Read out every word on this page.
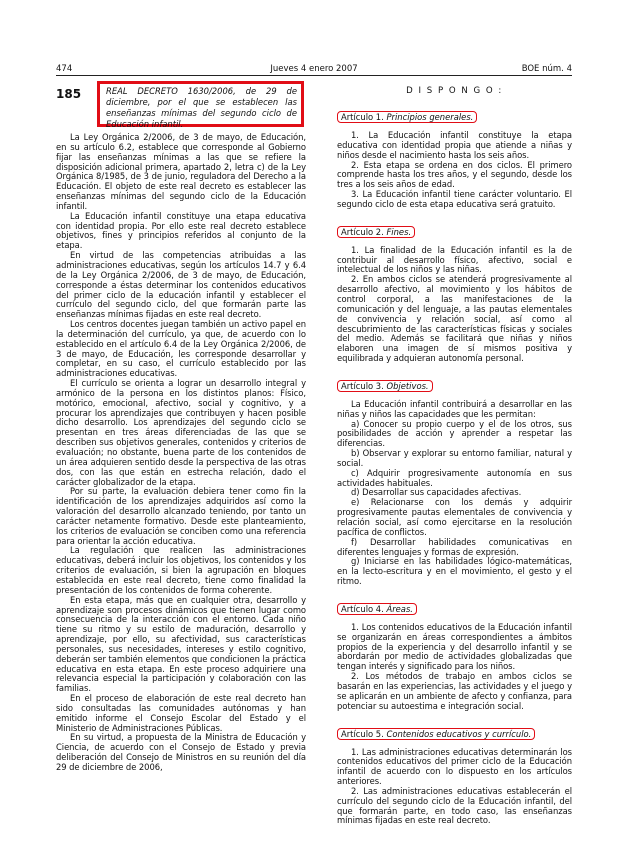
474	Jueves 4 enero 2007	BOE núm. 4
185	REAL DECRETO 1630/2006, de 29 de diciembre, por el que se establecen las enseñanzas mínimas del segundo ciclo de Educación infantil.

La Ley Orgánica 2/2006, de 3 de mayo, de Educación, en su artículo 6.2, establece que corresponde al Gobierno fijar las enseñanzas mínimas a las que se refiere la disposición adicional primera, apartado 2, letra c) de la Ley Orgánica 8/1985, de 3 de junio, reguladora del Derecho a la Educación. El objeto de este real decreto es establecer las enseñanzas mínimas del segundo ciclo de la Educación infantil.

La Educación infantil constituye una etapa educativa con identidad propia. Por ello este real decreto establece objetivos, fines y principios referidos al conjunto de la etapa.

En virtud de las competencias atribuidas a las administraciones educativas, según los artículos 14.7 y 6.4 de la Ley Orgánica 2/2006, de 3 de mayo, de Educación, corresponde a éstas determinar los contenidos educativos del primer ciclo de la educación infantil y establecer el currículo del segundo ciclo, del que formarán parte las enseñanzas mínimas fijadas en este real decreto.

Los centros docentes juegan también un activo papel en la determinación del currículo, ya que, de acuerdo con lo establecido en el artículo 6.4 de la Ley Orgánica 2/2006, de 3 de mayo, de Educación, les corresponde desarrollar y completar, en su caso, el currículo establecido por las administraciones educativas.

El currículo se orienta a lograr un desarrollo integral y armónico de la persona en los distintos planos: Físico, motórico, emocional, afectivo, social y cognitivo, y a procurar los aprendizajes que contribuyen y hacen posible dicho desarrollo. Los aprendizajes del segundo ciclo se presentan en tres áreas diferenciadas de las que se describen sus objetivos generales, contenidos y criterios de evaluación; no obstante, buena parte de los contenidos de un área adquieren sentido desde la perspectiva de las otras dos, con las que están en estrecha relación, dado el carácter globalizador de la etapa.

Por su parte, la evaluación debiera tener como fin la identificación de los aprendizajes adquiridos así como la valoración del desarrollo alcanzado teniendo, por tanto un carácter netamente formativo. Desde este planteamiento, los criterios de evaluación se conciben como una referencia para orientar la acción educativa.

La regulación que realicen las administraciones educativas, deberá incluir los objetivos, los contenidos y los criterios de evaluación, si bien la agrupación en bloques establecida en este real decreto, tiene como finalidad la presentación de los contenidos de forma coherente.

En esta etapa, más que en cualquier otra, desarrollo y aprendizaje son procesos dinámicos que tienen lugar como consecuencia de la interacción con el entorno. Cada niño tiene su ritmo y su estilo de maduración, desarrollo y aprendizaje, por ello, su afectividad, sus características personales, sus necesidades, intereses y estilo cognitivo, deberán ser también elementos que condicionen la práctica educativa en esta etapa. En este proceso adquiriere una relevancia especial la participación y colaboración con las familias.

En el proceso de elaboración de este real decreto han sido consultadas las comunidades autónomas y han emitido informe el Consejo Escolar del Estado y el Ministerio de Administraciones Públicas.

En su virtud, a propuesta de la Ministra de Educación y Ciencia, de acuerdo con el Consejo de Estado y previa deliberación del Consejo de Ministros en su reunión del día 29 de diciembre de 2006,

D I S P O N G O :
Artículo 1. Principios generales.

1. La Educación infantil constituye la etapa educativa con identidad propia que atiende a niñas y niños desde el nacimiento hasta los seis años.

2. Esta etapa se ordena en dos ciclos. El primero comprende hasta los tres años, y el segundo, desde los tres a los seis años de edad.

3. La Educación infantil tiene carácter voluntario. El segundo ciclo de esta etapa educativa será gratuito.

Artículo 2. Fines.

1. La finalidad de la Educación infantil es la de contribuir al desarrollo físico, afectivo, social e intelectual de los niños y las niñas.

2. En ambos ciclos se atenderá progresivamente al desarrollo afectivo, al movimiento y los hábitos de control corporal, a las manifestaciones de la comunicación y del lenguaje, a las pautas elementales de convivencia y relación social, así como al descubrimiento de las características físicas y sociales del medio. Además se facilitará que niñas y niños elaboren una imagen de sí mismos positiva y equilibrada y adquieran autonomía personal.

Artículo 3. Objetivos.

La Educación infantil contribuirá a desarrollar en las niñas y niños las capacidades que les permitan:

a) Conocer su propio cuerpo y el de los otros, sus posibilidades de acción y aprender a respetar las diferencias.

b) Observar y explorar su entorno familiar, natural y social.

c) Adquirir progresivamente autonomía en sus actividades habituales.

d) Desarrollar sus capacidades afectivas.

e) Relacionarse con los demás y adquirir progresivamente pautas elementales de convivencia y relación social, así como ejercitarse en la resolución pacífica de conflictos.

f) Desarrollar habilidades comunicativas en diferentes lenguajes y formas de expresión.

g) Iniciarse en las habilidades lógico-matemáticas, en la lecto-escritura y en el movimiento, el gesto y el ritmo.

Artículo 4. Áreas.

1. Los contenidos educativos de la Educación infantil se organizarán en áreas correspondientes a ámbitos propios de la experiencia y del desarrollo infantil y se abordarán por medio de actividades globalizadas que tengan interés y significado para los niños.

2. Los métodos de trabajo en ambos ciclos se basarán en las experiencias, las actividades y el juego y se aplicarán en un ambiente de afecto y confianza, para potenciar su autoestima e integración social.

Artículo 5. Contenidos educativos y currículo.

1. Las administraciones educativas determinarán los contenidos educativos del primer ciclo de la Educación infantil de acuerdo con lo dispuesto en los artículos anteriores.

2. Las administraciones educativas establecerán el currículo del segundo ciclo de la Educación infantil, del que formarán parte, en todo caso, las enseñanzas mínimas fijadas en este real decreto.
